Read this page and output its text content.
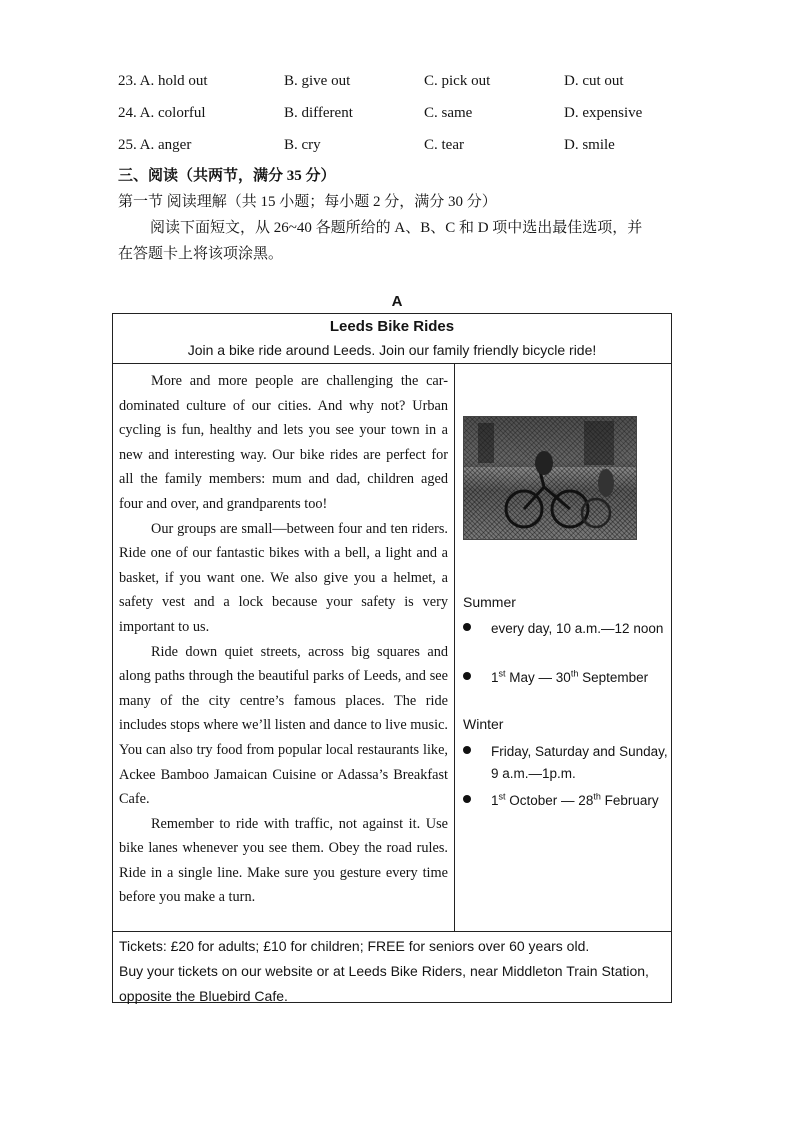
23. A. hold out	B. give out	C. pick out	D. cut out
24. A. colorful	B. different	C. same	D. expensive
25. A. anger	B. cry	C. tear	D. smile
三、阅读（共两节，满分 35 分）
第一节 阅读理解（共 15 小题；每小题 2 分，满分 30 分）
阅读下面短文，从 26~40 各题所给的 A、B、C 和 D 项中选出最佳选项，并
在答题卡上将该项涂黑。
A
Leeds Bike Rides
Join a bike ride around Leeds. Join our family friendly bicycle ride!

More and more people are challenging the car-dominated culture of our cities. And why not? Urban cycling is fun, healthy and lets you see your town in a new and interesting way. Our bike rides are perfect for all the family members: mum and dad, children aged four and over, and grandparents too!

Our groups are small—between four and ten riders. Ride one of our fantastic bikes with a bell, a light and a basket, if you want one. We also give you a helmet, a safety vest and a lock because your safety is very important to us.

Ride down quiet streets, across big squares and along paths through the beautiful parks of Leeds, and see many of the city centre’s famous places. The ride includes stops where we’ll listen and dance to live music. You can also try food from popular local restaurants like, Ackee Bamboo Jamaican Cuisine or Adassa’s Breakfast Cafe.

Remember to ride with traffic, not against it. Use bike lanes whenever you see them. Obey the road rules. Ride in a single line. Make sure you gesture every time before you make a turn.

Summer
every day, 10 a.m.—12 noon
1st May — 30th September
Winter
Friday, Saturday and Sunday, 9 a.m.—1p.m.
1st October — 28th February
Tickets: £20 for adults; £10 for children; FREE for seniors over 60 years old.
Buy your tickets on our website or at Leeds Bike Riders, near Middleton Train Station, opposite the Bluebird Cafe.
